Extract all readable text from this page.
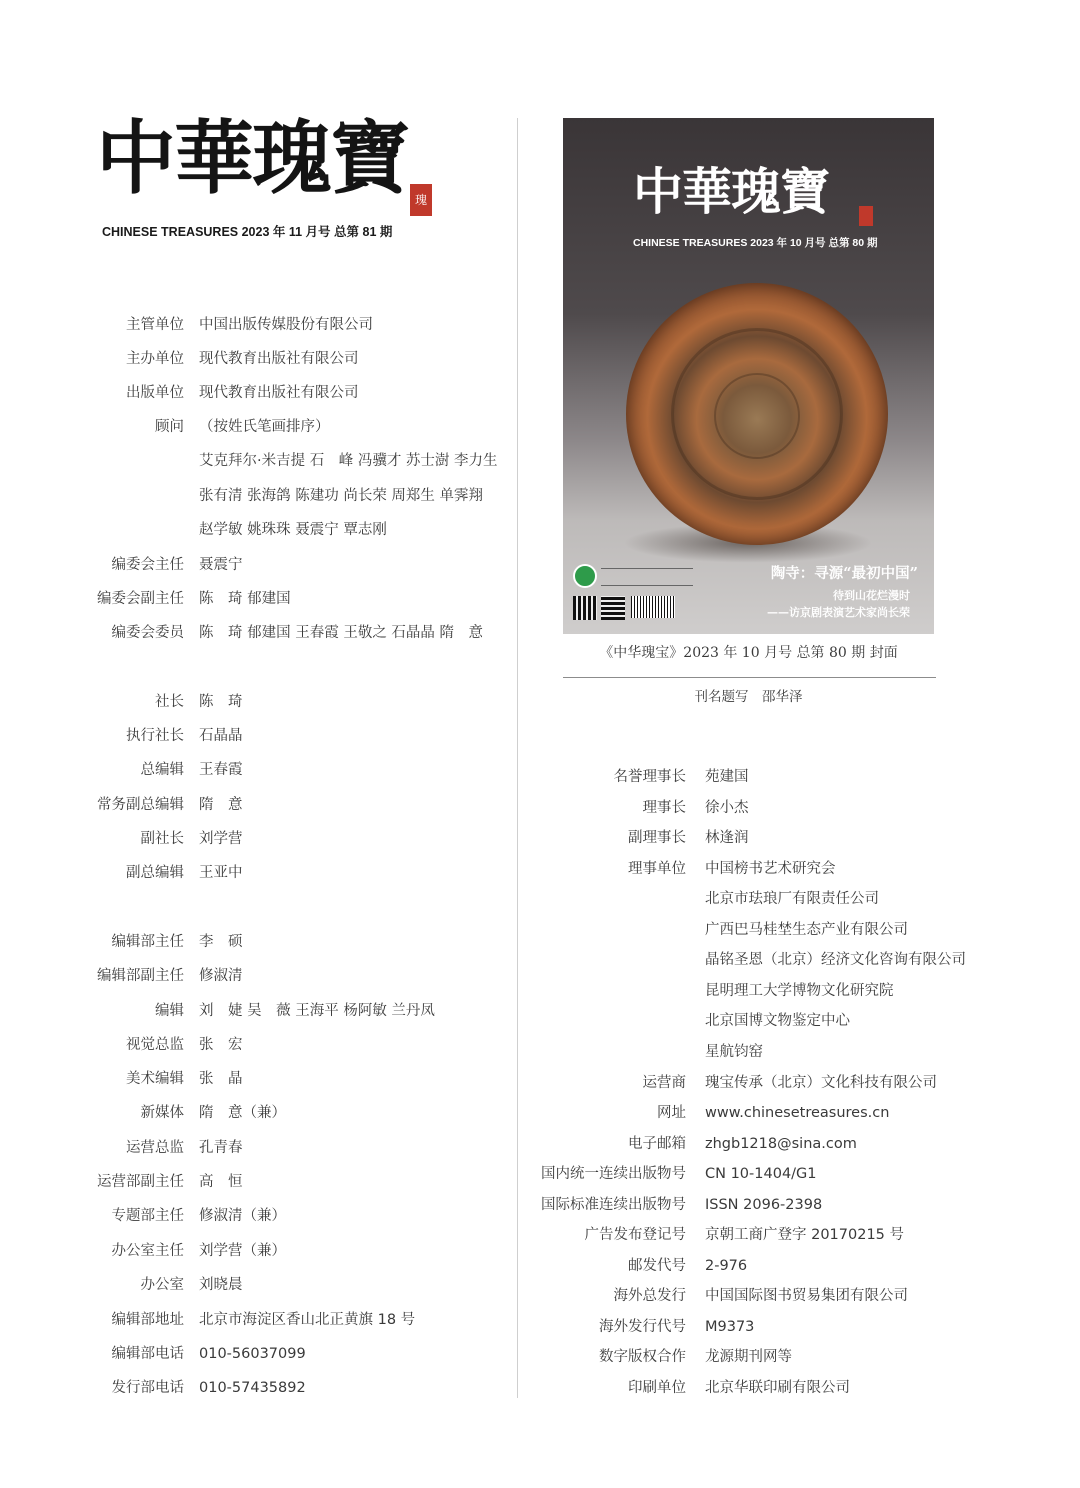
中華瑰寶 瑰
CHINESE TREASURES 2023 年 11 月号 总第 81 期
主管单位 中国出版传媒股份有限公司
主办单位 现代教育出版社有限公司
出版单位 现代教育出版社有限公司
顾问 （按姓氏笔画排序）
艾克拜尔·米吉提 石　峰 冯骥才 苏士澍 李力生
张有清 张海鸽 陈建功 尚长荣 周郑生 单霁翔
赵学敏 姚珠珠 聂震宁 覃志刚
编委会主任 聂震宁
编委会副主任 陈　琦 郁建国
编委会委员 陈　琦 郁建国 王春霞 王敬之 石晶晶 隋　意
社长 陈　琦
执行社长 石晶晶
总编辑 王春霞
常务副总编辑 隋　意
副社长 刘学营
副总编辑 王亚中
编辑部主任 李　硕
编辑部副主任 修淑清
编辑 刘　婕 吴　薇 王海平 杨阿敏 兰丹凤
视觉总监 张　宏
美术编辑 张　晶
新媒体 隋　意（兼）
运营总监 孔青春
运营部副主任 高　恒
专题部主任 修淑清（兼）
办公室主任 刘学营（兼）
办公室 刘晓晨
编辑部地址 北京市海淀区香山北正黄旗 18 号
编辑部电话 010-56037099
发行部电话 010-57435892
中華瑰寶
CHINESE TREASURES 2023 年 10 月号 总第 80 期
陶寺：寻源“最初中国”
待到山花烂漫时
——访京剧表演艺术家尚长荣
《中华瑰宝》2023 年 10 月号 总第 80 期 封面
刊名题写　邵华泽
名誉理事长 苑建国
理事长 徐小杰
副理事长 林逢润
理事单位 中国榜书艺术研究会
北京市珐琅厂有限责任公司
广西巴马桂埜生态产业有限公司
晶铭圣恩（北京）经济文化咨询有限公司
昆明理工大学博物文化研究院
北京国博文物鉴定中心
星航钧窑
运营商 瑰宝传承（北京）文化科技有限公司
网址 www.chinesetreasures.cn
电子邮箱 zhgb1218@sina.com
国内统一连续出版物号 CN 10-1404/G1
国际标准连续出版物号 ISSN 2096-2398
广告发布登记号 京朝工商广登字 20170215 号
邮发代号 2-976
海外总发行 中国国际图书贸易集团有限公司
海外发行代号 M9373
数字版权合作 龙源期刊网等
印刷单位 北京华联印刷有限公司
